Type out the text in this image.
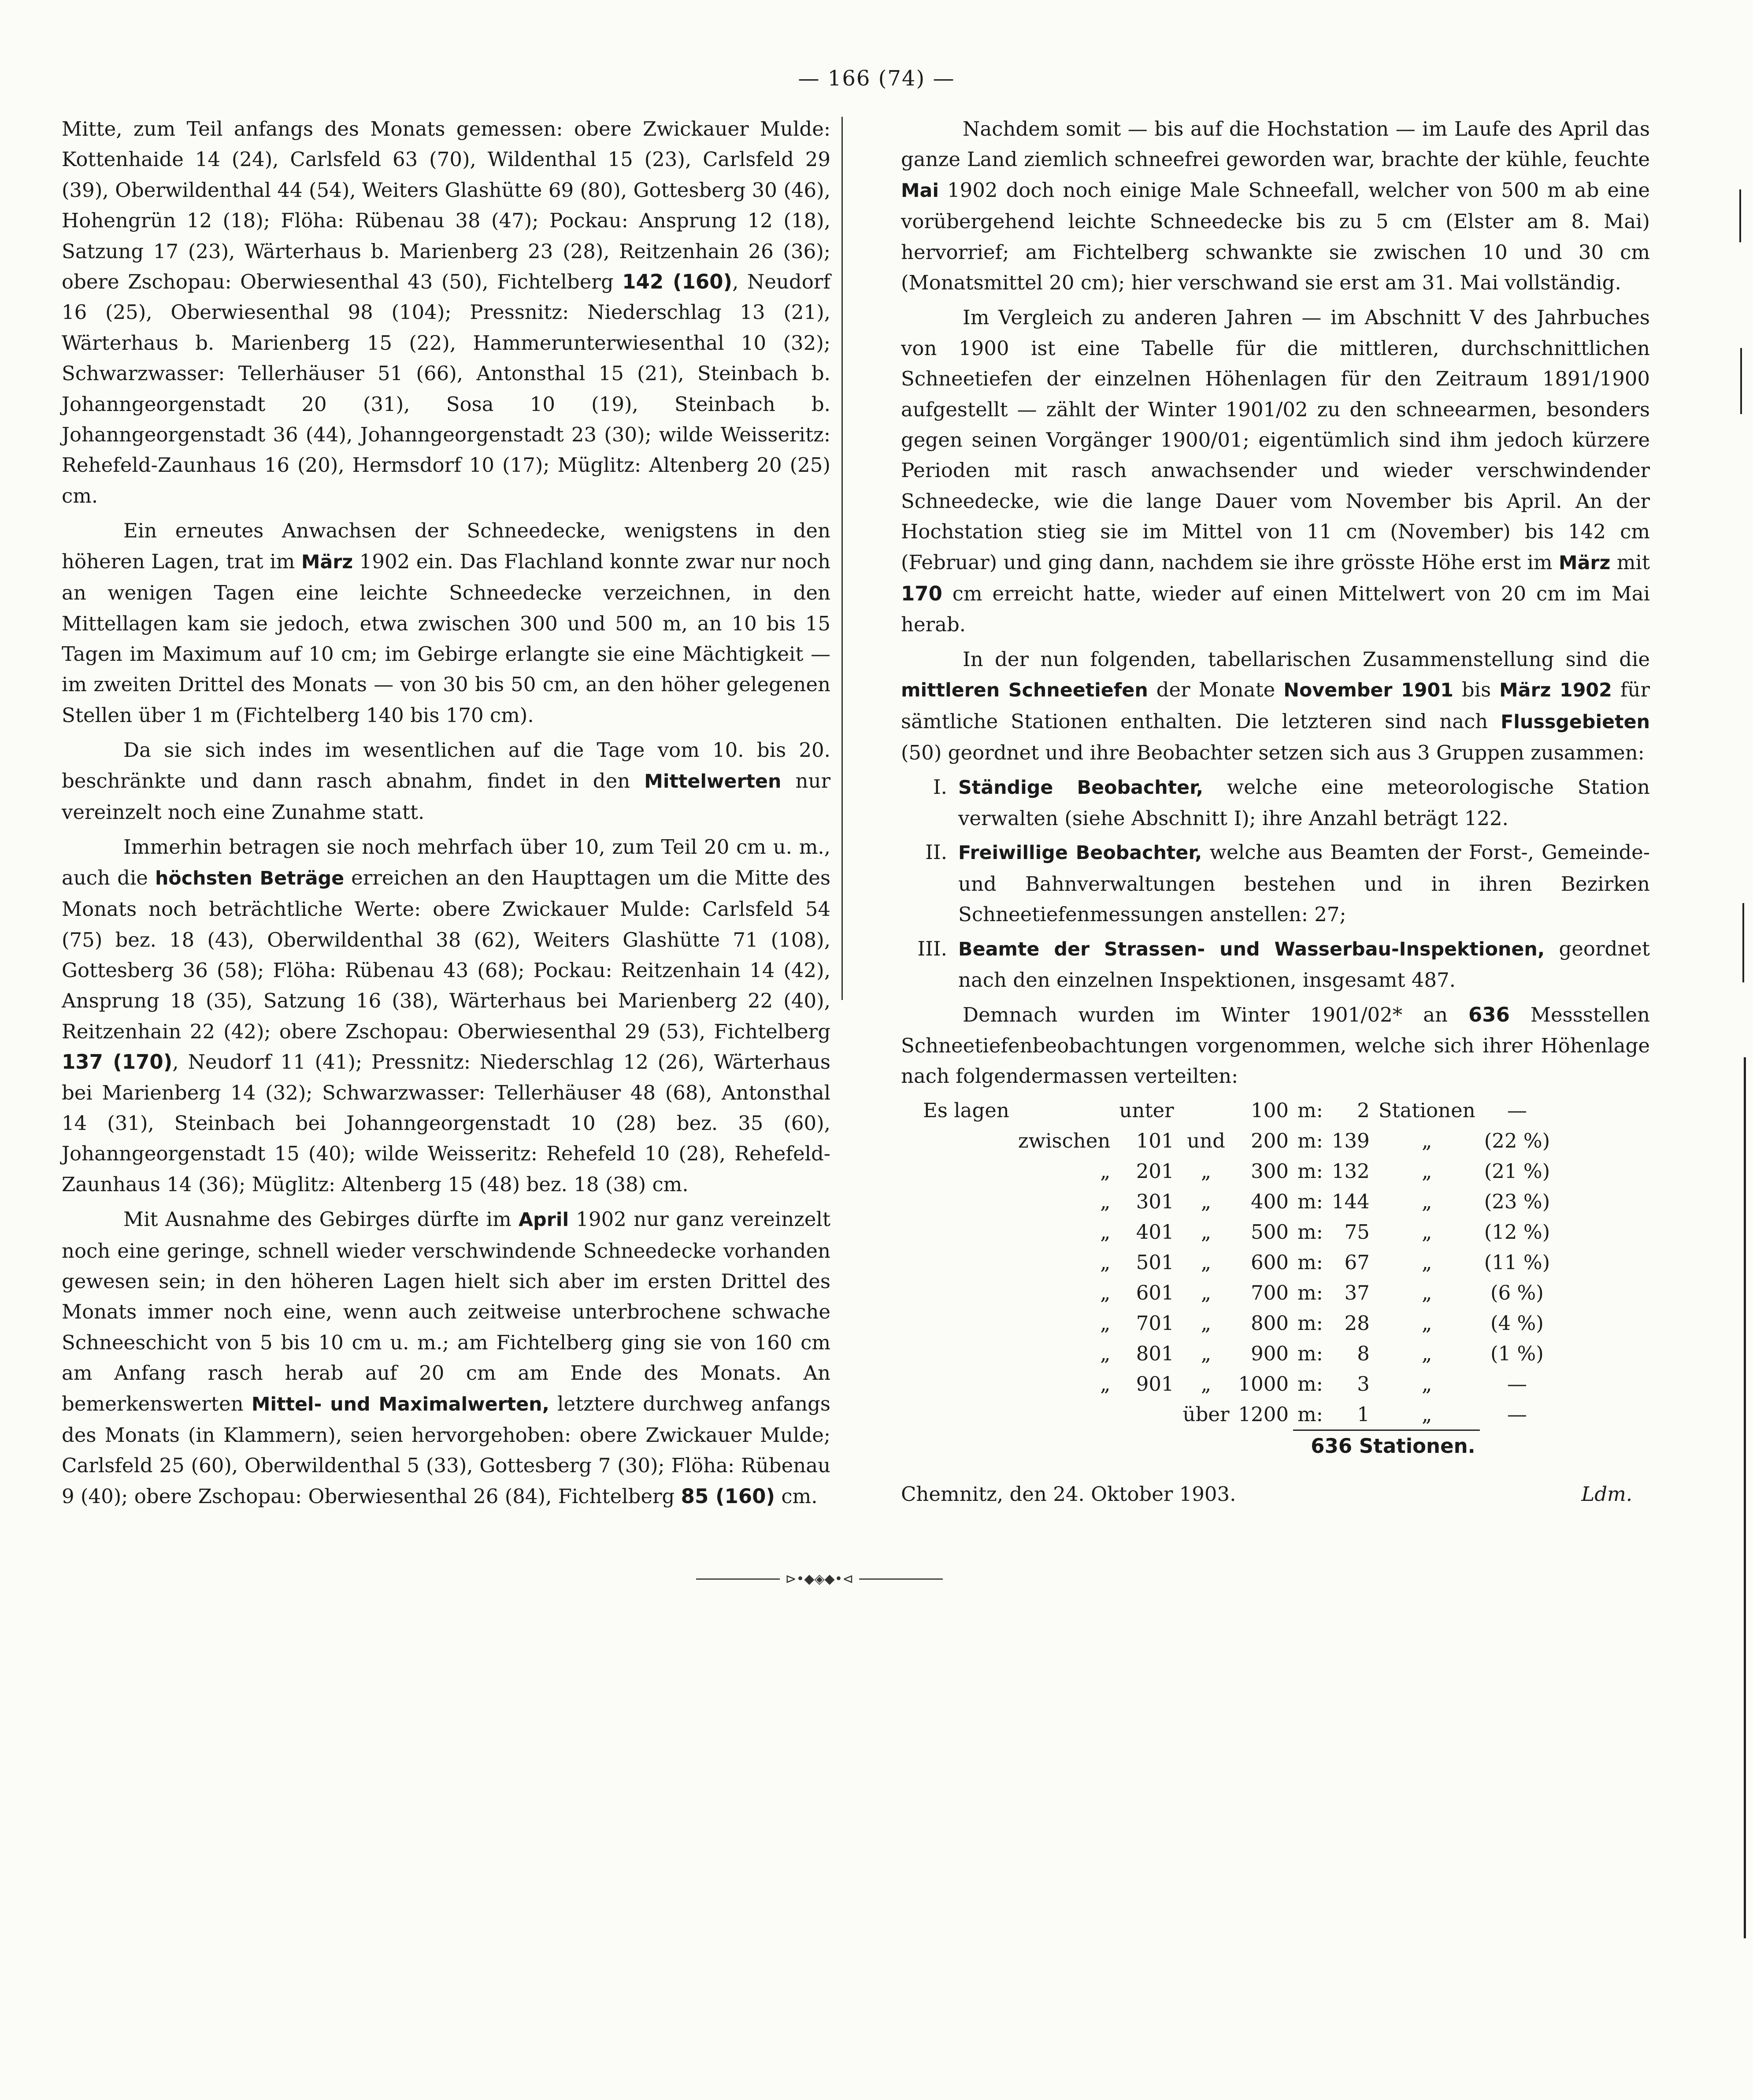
— 166 (74) —

Mitte, zum Teil anfangs des Monats gemessen: obere Zwickauer Mulde: Kottenhaide 14 (24), Carlsfeld 63 (70), Wildenthal 15 (23), Carlsfeld 29 (39), Oberwildenthal 44 (54), Weiters Glashütte 69 (80), Gottesberg 30 (46), Hohengrün 12 (18); Flöha: Rübenau 38 (47); Pockau: Ansprung 12 (18), Satzung 17 (23), Wärterhaus b. Marienberg 23 (28), Reitzenhain 26 (36); obere Zschopau: Oberwiesenthal 43 (50), Fichtelberg 142 (160), Neudorf 16 (25), Oberwiesenthal 98 (104); Pressnitz: Niederschlag 13 (21), Wärterhaus b. Marienberg 15 (22), Hammerunterwiesenthal 10 (32); Schwarzwasser: Tellerhäuser 51 (66), Antonsthal 15 (21), Steinbach b. Johanngeorgenstadt 20 (31), Sosa 10 (19), Steinbach b. Johanngeorgenstadt 36 (44), Johanngeorgenstadt 23 (30); wilde Weisseritz: Rehefeld-Zaunhaus 16 (20), Hermsdorf 10 (17); Müglitz: Altenberg 20 (25) cm.

Ein erneutes Anwachsen der Schneedecke, wenigstens in den höheren Lagen, trat im März 1902 ein. Das Flachland konnte zwar nur noch an wenigen Tagen eine leichte Schneedecke verzeichnen, in den Mittellagen kam sie jedoch, etwa zwischen 300 und 500 m, an 10 bis 15 Tagen im Maximum auf 10 cm; im Gebirge erlangte sie eine Mächtigkeit — im zweiten Drittel des Monats — von 30 bis 50 cm, an den höher gelegenen Stellen über 1 m (Fichtelberg 140 bis 170 cm).

Da sie sich indes im wesentlichen auf die Tage vom 10. bis 20. beschränkte und dann rasch abnahm, findet in den Mittelwerten nur vereinzelt noch eine Zunahme statt.

Immerhin betragen sie noch mehrfach über 10, zum Teil 20 cm u. m., auch die höchsten Beträge erreichen an den Haupttagen um die Mitte des Monats noch beträchtliche Werte: obere Zwickauer Mulde: Carlsfeld 54 (75) bez. 18 (43), Oberwildenthal 38 (62), Weiters Glashütte 71 (108), Gottesberg 36 (58); Flöha: Rübenau 43 (68); Pockau: Reitzenhain 14 (42), Ansprung 18 (35), Satzung 16 (38), Wärterhaus bei Marienberg 22 (40), Reitzenhain 22 (42); obere Zschopau: Oberwiesenthal 29 (53), Fichtelberg 137 (170), Neudorf 11 (41); Pressnitz: Niederschlag 12 (26), Wärterhaus bei Marienberg 14 (32); Schwarzwasser: Tellerhäuser 48 (68), Antonsthal 14 (31), Steinbach bei Johanngeorgenstadt 10 (28) bez. 35 (60), Johanngeorgenstadt 15 (40); wilde Weisseritz: Rehefeld 10 (28), Rehefeld-Zaunhaus 14 (36); Müglitz: Altenberg 15 (48) bez. 18 (38) cm.

Mit Ausnahme des Gebirges dürfte im April 1902 nur ganz vereinzelt noch eine geringe, schnell wieder verschwindende Schneedecke vorhanden gewesen sein; in den höheren Lagen hielt sich aber im ersten Drittel des Monats immer noch eine, wenn auch zeitweise unterbrochene schwache Schneeschicht von 5 bis 10 cm u. m.; am Fichtelberg ging sie von 160 cm am Anfang rasch herab auf 20 cm am Ende des Monats. An bemerkenswerten Mittel- und Maximalwerten, letztere durchweg anfangs des Monats (in Klammern), seien hervorgehoben: obere Zwickauer Mulde; Carlsfeld 25 (60), Oberwildenthal 5 (33), Gottesberg 7 (30); Flöha: Rübenau 9 (40); obere Zschopau: Oberwiesenthal 26 (84), Fichtelberg 85 (160) cm.

Nachdem somit — bis auf die Hochstation — im Laufe des April das ganze Land ziemlich schneefrei geworden war, brachte der kühle, feuchte Mai 1902 doch noch einige Male Schneefall, welcher von 500 m ab eine vorübergehend leichte Schneedecke bis zu 5 cm (Elster am 8. Mai) hervorrief; am Fichtelberg schwankte sie zwischen 10 und 30 cm (Monatsmittel 20 cm); hier verschwand sie erst am 31. Mai vollständig.

Im Vergleich zu anderen Jahren — im Abschnitt V des Jahrbuches von 1900 ist eine Tabelle für die mittleren, durchschnittlichen Schneetiefen der einzelnen Höhenlagen für den Zeitraum 1891/1900 aufgestellt — zählt der Winter 1901/02 zu den schneearmen, besonders gegen seinen Vorgänger 1900/01; eigentümlich sind ihm jedoch kürzere Perioden mit rasch anwachsender und wieder verschwindender Schneedecke, wie die lange Dauer vom November bis April. An der Hochstation stieg sie im Mittel von 11 cm (November) bis 142 cm (Februar) und ging dann, nachdem sie ihre grösste Höhe erst im März mit 170 cm erreicht hatte, wieder auf einen Mittelwert von 20 cm im Mai herab.

In der nun folgenden, tabellarischen Zusammenstellung sind die mittleren Schneetiefen der Monate November 1901 bis März 1902 für sämtliche Stationen enthalten. Die letzteren sind nach Flussgebieten (50) geordnet und ihre Beobachter setzen sich aus 3 Gruppen zusammen:

I. Ständige Beobachter, welche eine meteorologische Station verwalten (siehe Abschnitt I); ihre Anzahl beträgt 122.
II. Freiwillige Beobachter, welche aus Beamten der Forst-, Gemeinde- und Bahnverwaltungen bestehen und in ihren Bezirken Schneetiefenmessungen anstellen: 27;
III. Beamte der Strassen- und Wasserbau-Inspektionen, geordnet nach den einzelnen Inspektionen, insgesamt 487.

Demnach wurden im Winter 1901/02* an 636 Messstellen Schneetiefenbeobachtungen vorgenommen, welche sich ihrer Höhenlage nach folgendermassen verteilten:

Es lagen		unter		100	m:	2	Stationen	—
	zwischen	101	und	200	m:	139	„	(22 %)
	„	201	„	300	m:	132	„	(21 %)
	„	301	„	400	m:	144	„	(23 %)
	„	401	„	500	m:	75	„	(12 %)
	„	501	„	600	m:	67	„	(11 %)
	„	601	„	700	m:	37	„	(6 %)
	„	701	„	800	m:	28	„	(4 %)
	„	801	„	900	m:	8	„	(1 %)
	„	901	„	1000	m:	3	„	—
			über	1200	m:	1	„	—
					636 Stationen.			
Chemnitz, den 24. Oktober 1903.	Ldm.
⊳•◆◈◆•⊲
